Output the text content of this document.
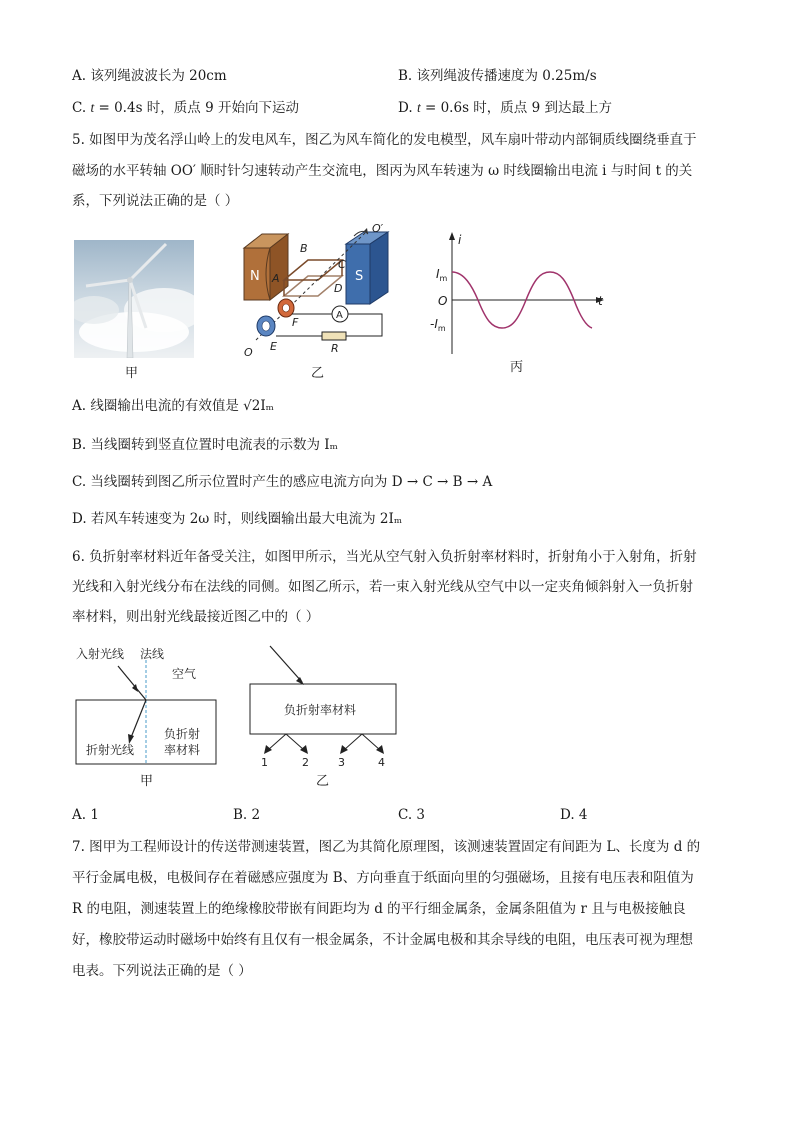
A. 该列绳波波长为 20cm	B. 该列绳波传播速度为 0.25m/s
C. t = 0.4s 时，质点 9 开始向下运动	D. t = 0.6s 时，质点 9 到达最上方
5. 如图甲为茂名浮山岭上的发电风车，图乙为风车简化的发电模型，风车扇叶带动内部铜质线圈绕垂直于
磁场的水平转轴 OO′ 顺时针匀速转动产生交流电，图丙为风车转速为 ω 时线圈输出电流 i 与时间 t 的关
系，下列说法正确的是（ ）
甲
N	S
O′
B
C
A
D
F
E
O
A
R
乙
i
t
$I_m$
O
$-I_m$
丙
A. 线圈输出电流的有效值是 √2Iₘ
B. 当线圈转到竖直位置时电流表的示数为 Iₘ
C. 当线圈转到图乙所示位置时产生的感应电流方向为 D → C → B → A
D. 若风车转速变为 2ω 时，则线圈输出最大电流为 2Iₘ
6. 负折射率材料近年备受关注，如图甲所示，当光从空气射入负折射率材料时，折射角小于入射角，折射
光线和入射光线分布在法线的同侧。如图乙所示，若一束入射光线从空气中以一定夹角倾斜射入一负折射
率材料，则出射光线最接近图乙中的（ ）
入射光线 法线
空气
折射光线
负折射
率材料
甲
负折射率材料
1	2	3	4
乙
A. 1	B. 2	C. 3	D. 4
7. 图甲为工程师设计的传送带测速装置，图乙为其简化原理图，该测速装置固定有间距为 L、长度为 d 的
平行金属电极，电极间存在着磁感应强度为 B、方向垂直于纸面向里的匀强磁场，且接有电压表和阻值为
R 的电阻，测速装置上的绝缘橡胶带嵌有间距均为 d 的平行细金属条，金属条阻值为 r 且与电极接触良
好，橡胶带运动时磁场中始终有且仅有一根金属条，不计金属电极和其余导线的电阻，电压表可视为理想
电表。下列说法正确的是（ ）
